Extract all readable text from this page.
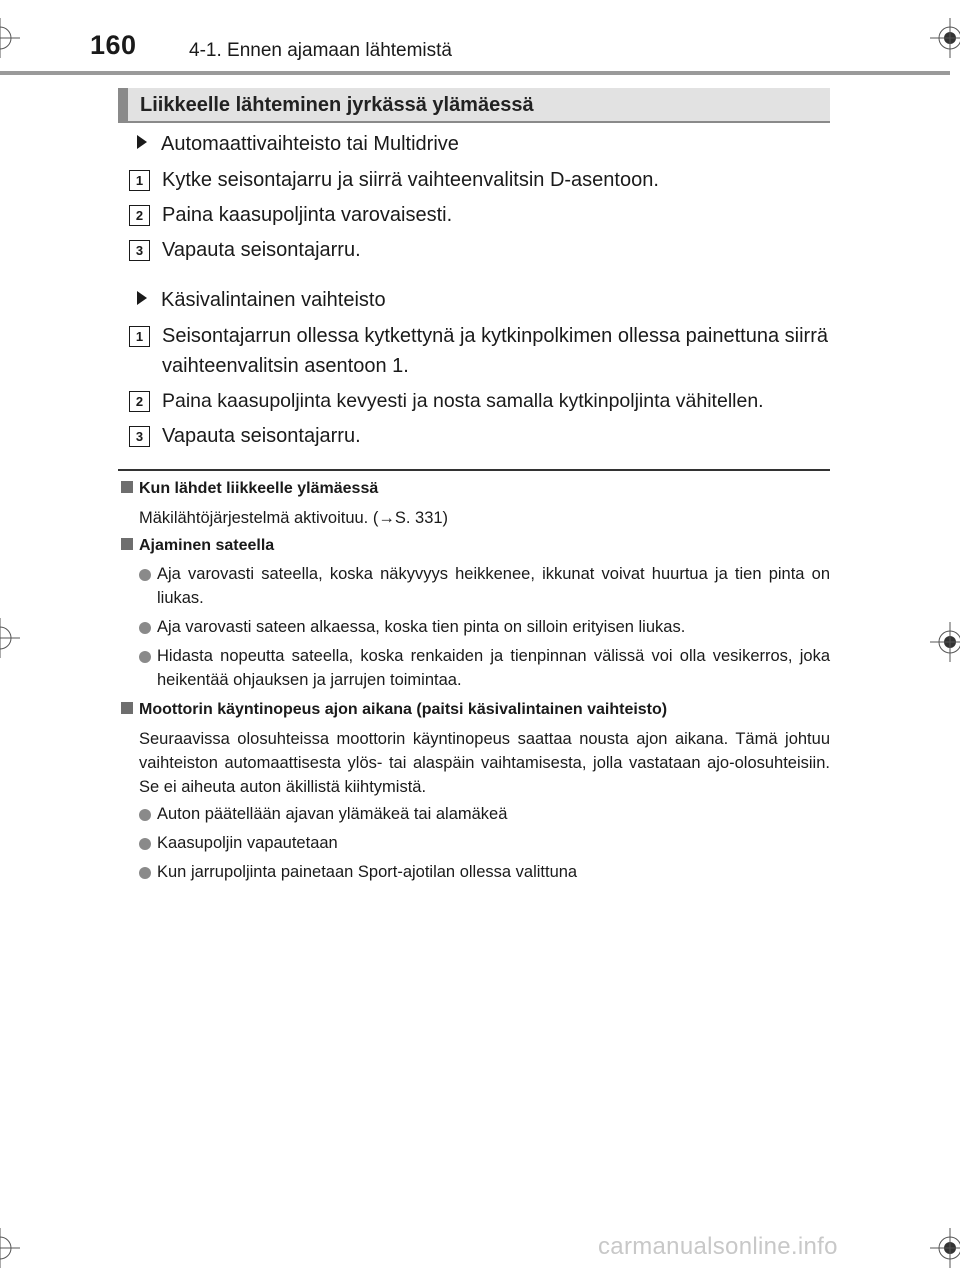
160	4-1. Ennen ajamaan lähtemistä
Liikkeelle lähteminen jyrkässä ylämäessä
Automaattivaihteisto tai Multidrive
1 Kytke seisontajarru ja siirrä vaihteenvalitsin D-asentoon.
2 Paina kaasupoljinta varovaisesti.
3 Vapauta seisontajarru.
Käsivalintainen vaihteisto
1 Seisontajarrun ollessa kytkettynä ja kytkinpolkimen ollessa painettuna siirrä vaihteenvalitsin asentoon 1.
2 Paina kaasupoljinta kevyesti ja nosta samalla kytkinpoljinta vähitellen.
3 Vapauta seisontajarru.
Kun lähdet liikkeelle ylämäessä
Mäkilähtöjärjestelmä aktivoituu. (→S. 331)
Ajaminen sateella
Aja varovasti sateella, koska näkyvyys heikkenee, ikkunat voivat huurtua ja tien pinta on liukas.
Aja varovasti sateen alkaessa, koska tien pinta on silloin erityisen liukas.
Hidasta nopeutta sateella, koska renkaiden ja tienpinnan välissä voi olla vesikerros, joka heikentää ohjauksen ja jarrujen toimintaa.
Moottorin käyntinopeus ajon aikana (paitsi käsivalintainen vaihteisto)
Seuraavissa olosuhteissa moottorin käyntinopeus saattaa nousta ajon aikana. Tämä johtuu vaihteiston automaattisesta ylös- tai alaspäin vaihtamisesta, jolla vastataan ajo-olosuhteisiin. Se ei aiheuta auton äkillistä kiihtymistä.
Auton päätellään ajavan ylämäkeä tai alamäkeä
Kaasupoljin vapautetaan
Kun jarrupoljinta painetaan Sport-ajotilan ollessa valittuna
carmanualsonline.info
